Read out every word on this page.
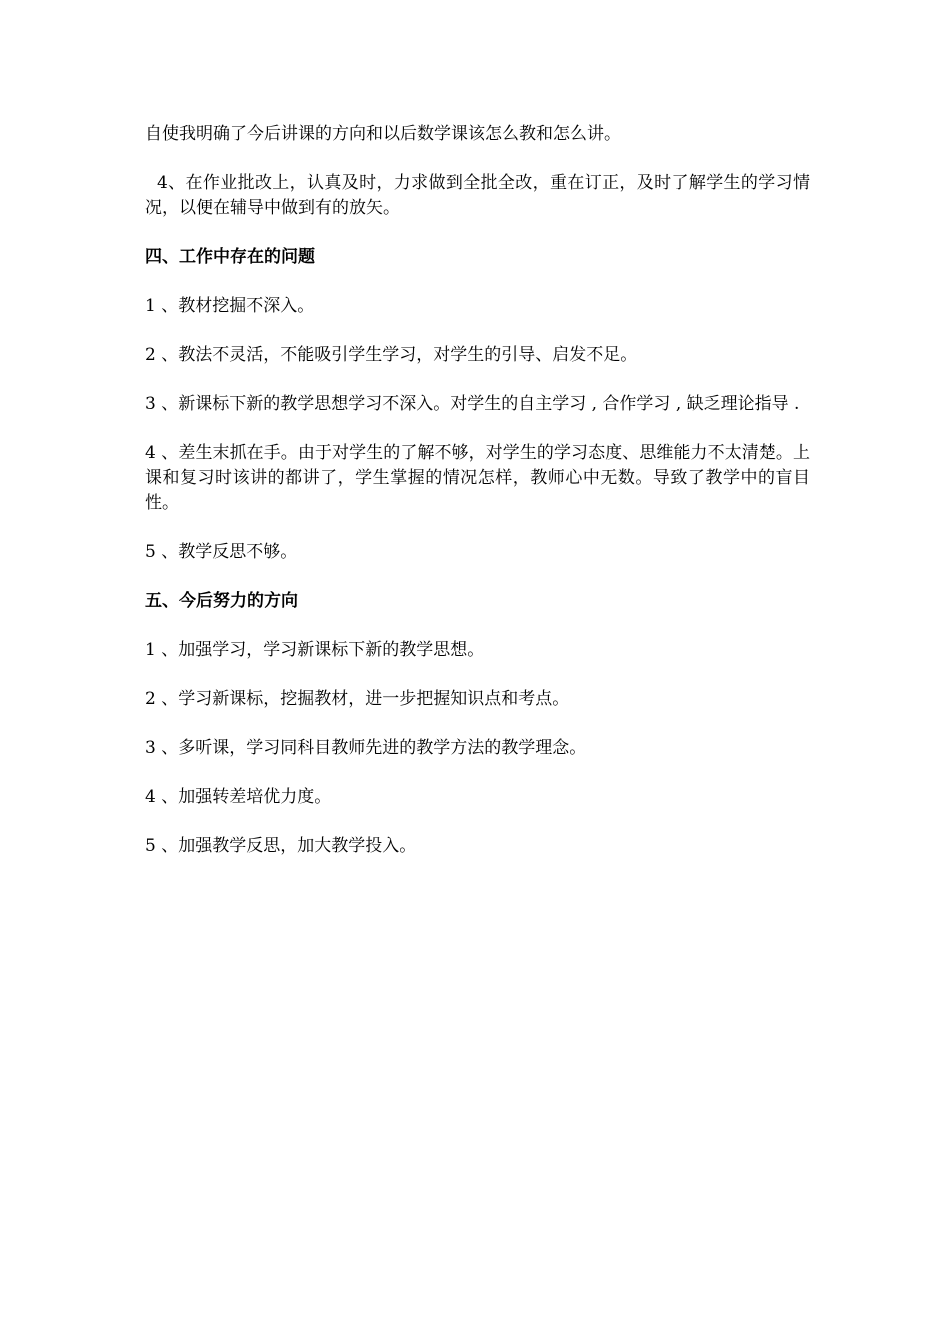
自使我明确了今后讲课的方向和以后数学课该怎么教和怎么讲。

4、在作业批改上，认真及时，力求做到全批全改，重在订正，及时了解学生的学习情况，以便在辅导中做到有的放矢。

四、工作中存在的问题

1 、教材挖掘不深入。

2 、教法不灵活，不能吸引学生学习，对学生的引导、启发不足。

3 、新课标下新的教学思想学习不深入。对学生的自主学习 , 合作学习 , 缺乏理论指导 .

4 、差生末抓在手。由于对学生的了解不够，对学生的学习态度、思维能力不太清楚。上课和复习时该讲的都讲了，学生掌握的情况怎样，教师心中无数。导致了教学中的盲目性。

5 、教学反思不够。

五、今后努力的方向

1 、加强学习，学习新课标下新的教学思想。

2 、学习新课标，挖掘教材，进一步把握知识点和考点。

3 、多听课，学习同科目教师先进的教学方法的教学理念。

4 、加强转差培优力度。

5 、加强教学反思，加大教学投入。
